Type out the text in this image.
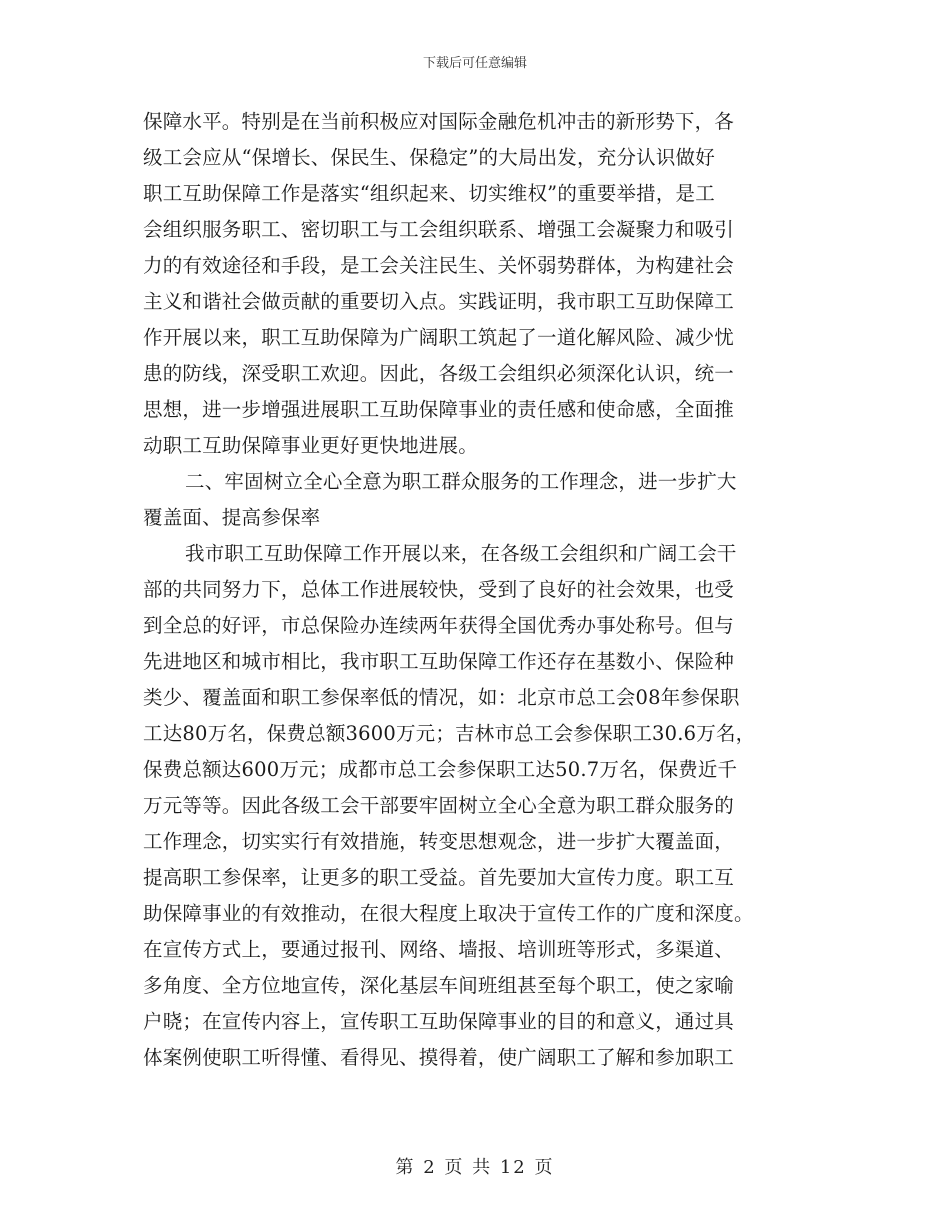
下载后可任意编辑
保障水平。特别是在当前积极应对国际金融危机冲击的新形势下，各
级工会应从“保增长、保民生、保稳定”的大局出发，充分认识做好
职工互助保障工作是落实“组织起来、切实维权”的重要举措，是工
会组织服务职工、密切职工与工会组织联系、增强工会凝聚力和吸引
力的有效途径和手段，是工会关注民生、关怀弱势群体，为构建社会
主义和谐社会做贡献的重要切入点。实践证明，我市职工互助保障工
作开展以来，职工互助保障为广阔职工筑起了一道化解风险、减少忧
患的防线，深受职工欢迎。因此，各级工会组织必须深化认识，统一
思想，进一步增强进展职工互助保障事业的责任感和使命感，全面推
动职工互助保障事业更好更快地进展。
二、牢固树立全心全意为职工群众服务的工作理念，进一步扩大
覆盖面、提高参保率
我市职工互助保障工作开展以来，在各级工会组织和广阔工会干
部的共同努力下，总体工作进展较快，受到了良好的社会效果，也受
到全总的好评，市总保险办连续两年获得全国优秀办事处称号。但与
先进地区和城市相比，我市职工互助保障工作还存在基数小、保险种
类少、覆盖面和职工参保率低的情况，如：北京市总工会08年参保职
工达80万名，保费总额3600万元；吉林市总工会参保职工30.6万名，
保费总额达600万元；成都市总工会参保职工达50.7万名，保费近千
万元等等。因此各级工会干部要牢固树立全心全意为职工群众服务的
工作理念，切实实行有效措施，转变思想观念，进一步扩大覆盖面，
提高职工参保率，让更多的职工受益。首先要加大宣传力度。职工互
助保障事业的有效推动，在很大程度上取决于宣传工作的广度和深度。
在宣传方式上，要通过报刊、网络、墙报、培训班等形式，多渠道、
多角度、全方位地宣传，深化基层车间班组甚至每个职工，使之家喻
户晓；在宣传内容上，宣传职工互助保障事业的目的和意义，通过具
体案例使职工听得懂、看得见、摸得着，使广阔职工了解和参加职工
第 2 页 共 12 页
